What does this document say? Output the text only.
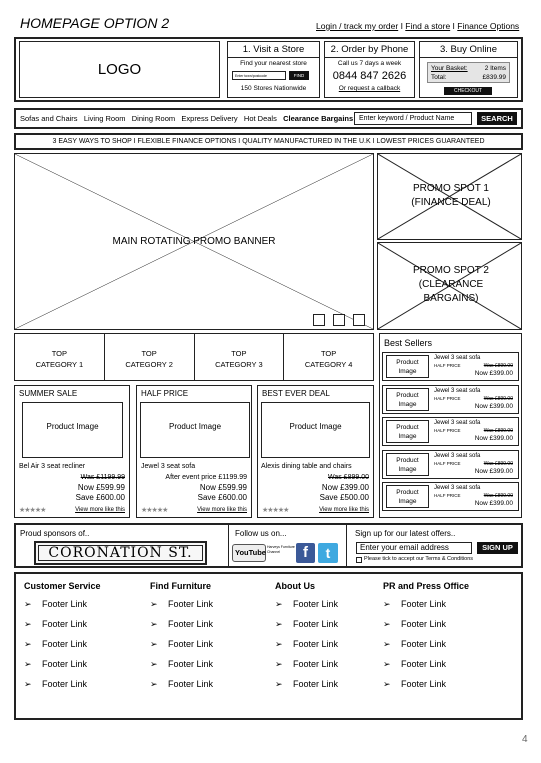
HOMEPAGE OPTION 2	Login / track my order I Find a store I Finance Options
LOGO
1. Visit a Store
Find your nearest store
Enter town/postcode	FIND
150 Stores Nationwide
2. Order by Phone
Call us 7 days a week
0844 847 2626
Or request a callback
3. Buy Online
Your Basket:	2 Items
Total:	£839.99
CHECKOUT
Sofas and Chairs Living Room Dining Room Express Delivery Hot Deals Clearance Bargains Enter keyword / Product Name	SEARCH
3 EASY WAYS TO SHOP I FLEXIBLE FINANCE OPTIONS I QUALITY MANUFACTURED IN THE U.K I LOWEST PRICES GUARANTEED
MAIN ROTATING PROMO BANNER
PROMO SPOT 1 (FINANCE DEAL)
PROMO SPOT 2 (CLEARANCE BARGAINS)
TOP
CATEGORY 1
TOP
CATEGORY 2
TOP
CATEGORY 3
TOP
CATEGORY 4
SUMMER SALE
Product Image
Bel Air 3 seat recliner
Was £1199.99
Now £599.99
Save £600.00
★★★★★	View more like this
HALF PRICE
Product Image
Jewel 3 seat sofa
After event price £1199.99
Now £599.99
Save £600.00
★★★★★	View more like this
BEST EVER DEAL
Product Image
Alexis dining table and chairs
Was £899.00
Now £399.00
Save £500.00
★★★★★	View more like this
Best Sellers
Product Image
Jewel 3 seat sofa
HALF PRICE	Was £899.00
Now £399.00
Product Image
Jewel 3 seat sofa
HALF PRICE	Was £899.00
Now £399.00
Product Image
Jewel 3 seat sofa
HALF PRICE	Was £899.00
Now £399.00
Product Image
Jewel 3 seat sofa
HALF PRICE	Was £899.00
Now £399.00
Product Image
Jewel 3 seat sofa
HALF PRICE	Was £899.00
Now £399.00
Proud sponsors of..
CORONATION ST.
Follow us on...
YouTube
Harveys Furniture Channel	f	t
Sign up for our latest offers..
Enter your email address	SIGN UP
Please tick to accept our Terms & Conditions
Customer Service
➢	Footer Link
➢	Footer Link
➢	Footer Link
➢	Footer Link
➢	Footer Link
Find Furniture
➢	Footer Link
➢	Footer Link
➢	Footer Link
➢	Footer Link
➢	Footer Link
About Us
➢	Footer Link
➢	Footer Link
➢	Footer Link
➢	Footer Link
➢	Footer Link
PR and Press Office
➢	Footer Link
➢	Footer Link
➢	Footer Link
➢	Footer Link
➢	Footer Link
4
